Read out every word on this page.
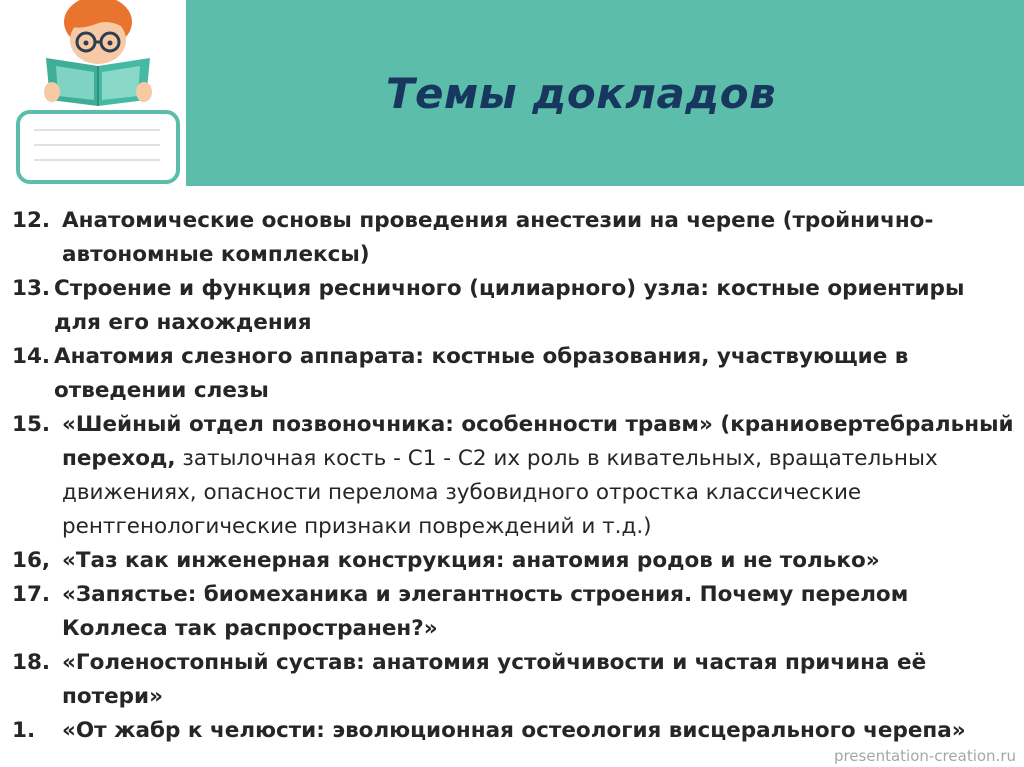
Темы докладов
12. Анатомические основы проведения анестезии на черепе (тройнично-автономные комплексы)
13. Строение и функция ресничного (цилиарного) узла: костные ориентиры для его нахождения
14. Анатомия слезного аппарата: костные образования, участвующие в отведении слезы
15. «Шейный отдел позвоночника: особенности травм» (краниовертебральный переход, затылочная кость - С1 - С2 их роль в кивательных, вращательных движениях, опасности перелома зубовидного отростка классические рентгенологические признаки повреждений и т.д.)
16, «Таз как инженерная конструкция: анатомия родов и не только»
17. «Запястье: биомеханика и элегантность строения. Почему перелом Коллеса так распространен?»
18. «Голеностопный сустав: анатомия устойчивости и частая причина её потери»
1.	«От жабр к челюсти: эволюционная остеология висцерального черепа»
presentation-creation.ru
